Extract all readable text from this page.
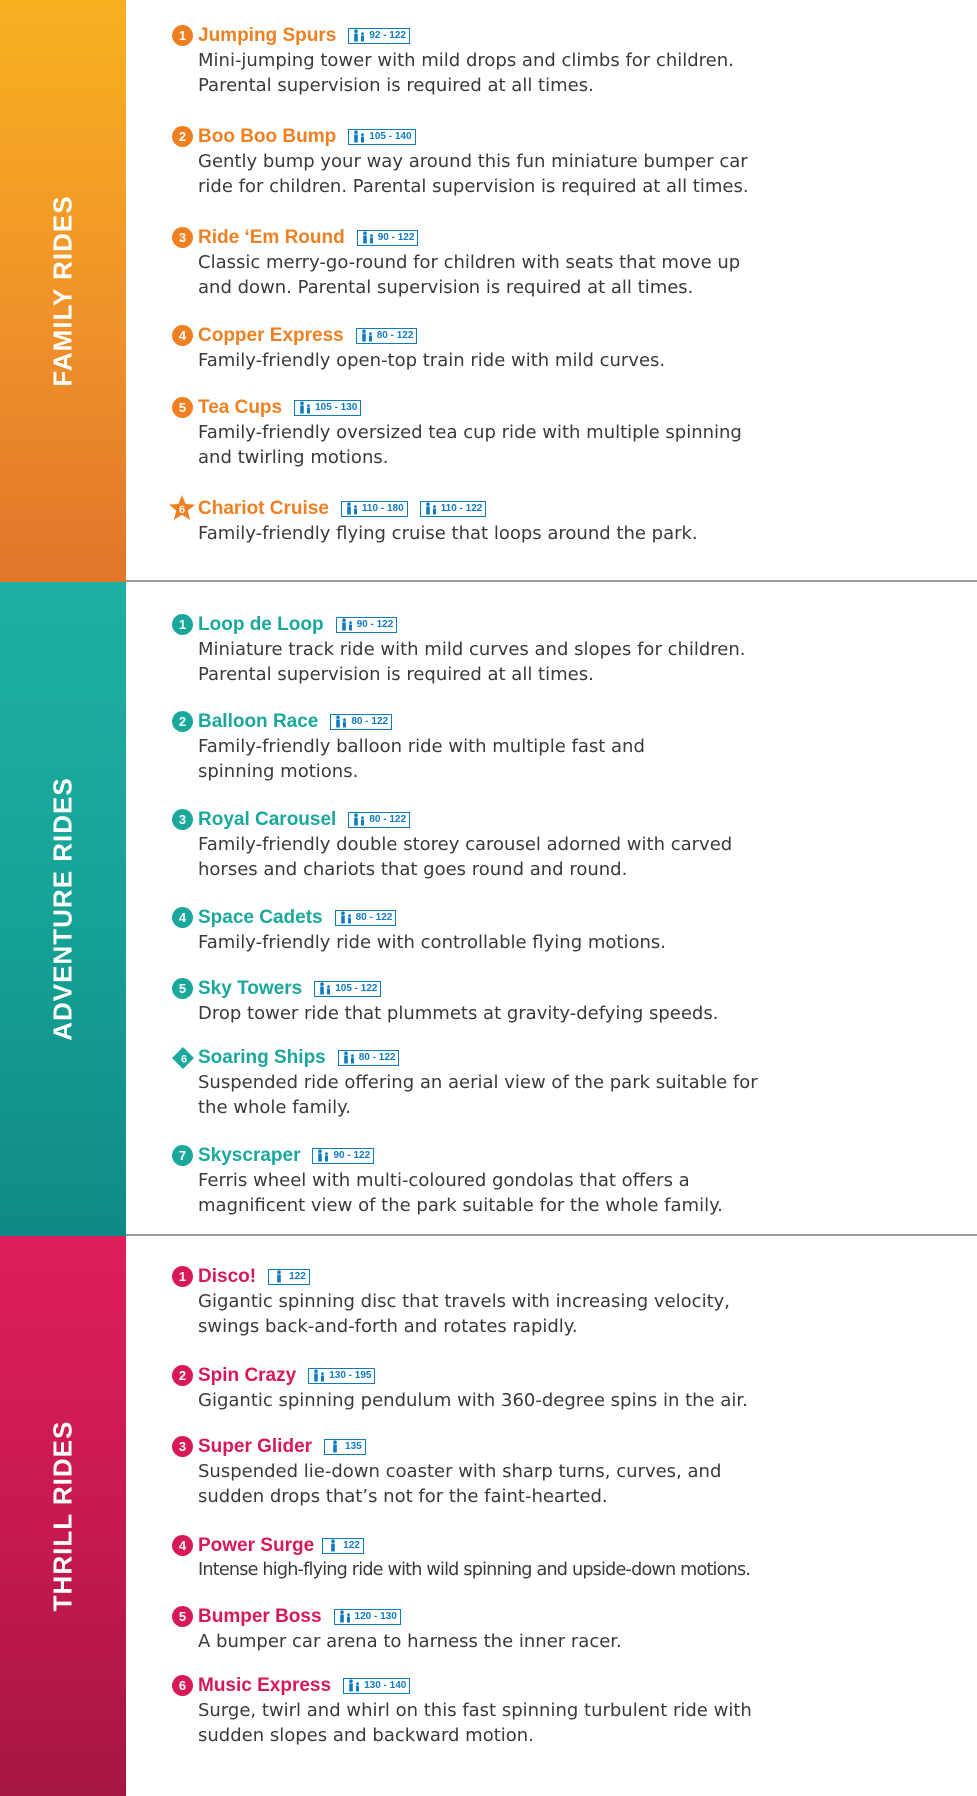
FAMILY RIDES
1 Jumping Spurs	92 - 122
Mini-jumping tower with mild drops and climbs for children.
Parental supervision is required at all times.
2 Boo Boo Bump	105 - 140
Gently bump your way around this fun miniature bumper car
ride for children. Parental supervision is required at all times.
3 Ride ‘Em Round	90 - 122
Classic merry-go-round for children with seats that move up
and down. Parental supervision is required at all times.
4 Copper Express	80 - 122
Family-friendly open-top train ride with mild curves.
5 Tea Cups	105 - 130
Family-friendly oversized tea cup ride with multiple spinning
and twirling motions.
6 Chariot Cruise	110 - 180	110 - 122
Family-friendly flying cruise that loops around the park.
ADVENTURE RIDES
1 Loop de Loop	90 - 122
Miniature track ride with mild curves and slopes for children.
Parental supervision is required at all times.
2 Balloon Race	80 - 122
Family-friendly balloon ride with multiple fast and
spinning motions.
3 Royal Carousel	80 - 122
Family-friendly double storey carousel adorned with carved
horses and chariots that goes round and round.
4 Space Cadets	80 - 122
Family-friendly ride with controllable flying motions.
5 Sky Towers	105 - 122
Drop tower ride that plummets at gravity-defying speeds.
6 Soaring Ships	80 - 122
Suspended ride offering an aerial view of the park suitable for
the whole family.
7 Skyscraper	90 - 122
Ferris wheel with multi-coloured gondolas that offers a
magnificent view of the park suitable for the whole family.
THRILL RIDES
1 Disco!	122
Gigantic spinning disc that travels with increasing velocity,
swings back-and-forth and rotates rapidly.
2 Spin Crazy	130 - 195
Gigantic spinning pendulum with 360-degree spins in the air.
3 Super Glider	135
Suspended lie-down coaster with sharp turns, curves, and
sudden drops that’s not for the faint-hearted.
4 Power Surge	122
Intense high-flying ride with wild spinning and upside-down motions.
5 Bumper Boss	120 - 130
A bumper car arena to harness the inner racer.
6 Music Express	130 - 140
Surge, twirl and whirl on this fast spinning turbulent ride with
sudden slopes and backward motion.
